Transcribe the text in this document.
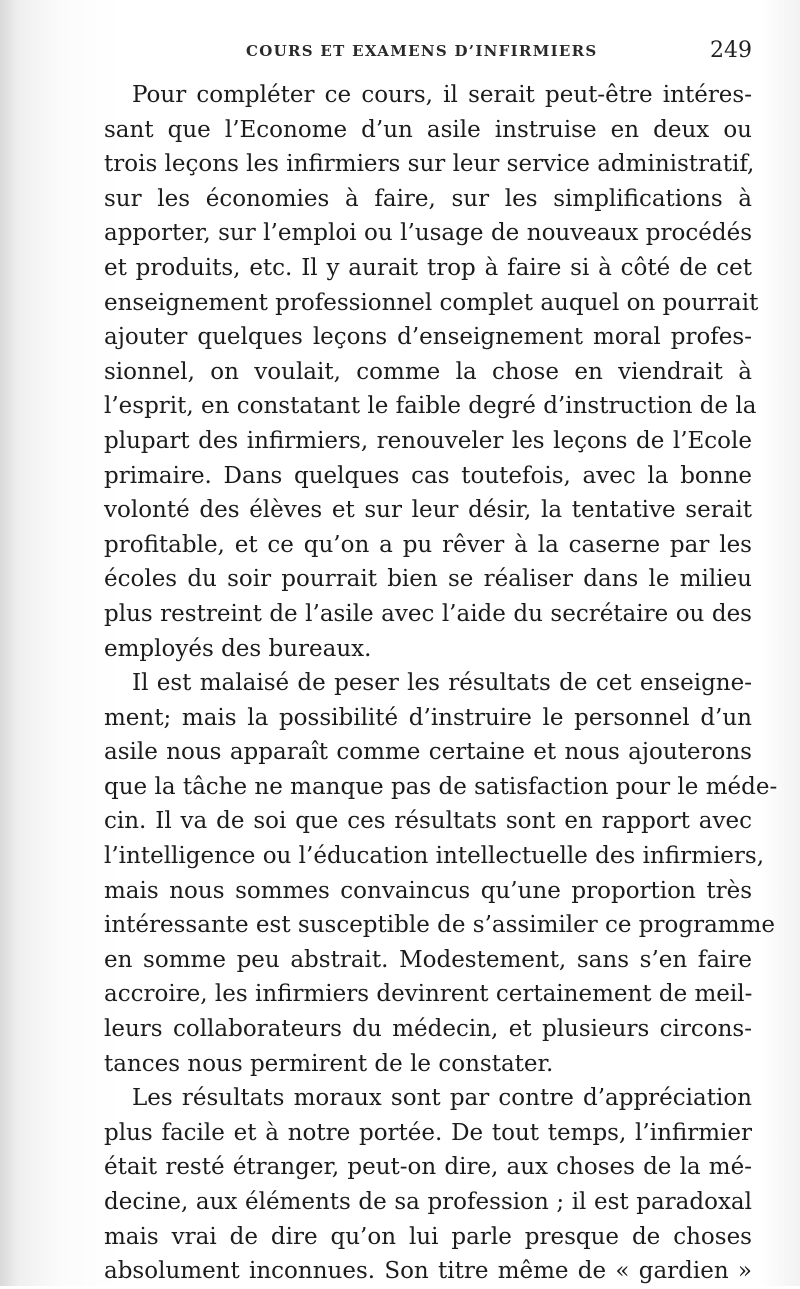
COURS ET EXAMENS D’INFIRMIERS	249
Pour compléter ce cours, il serait peut-être intéres-
sant que l’Econome d’un asile instruise en deux ou
trois leçons les infirmiers sur leur service administratif,
sur les économies à faire, sur les simplifications à
apporter, sur l’emploi ou l’usage de nouveaux procédés
et produits, etc. Il y aurait trop à faire si à côté de cet
enseignement professionnel complet auquel on pourrait
ajouter quelques leçons d’enseignement moral profes-
sionnel, on voulait, comme la chose en viendrait à
l’esprit, en constatant le faible degré d’instruction de la
plupart des infirmiers, renouveler les leçons de l’Ecole
primaire. Dans quelques cas toutefois, avec la bonne
volonté des élèves et sur leur désir, la tentative serait
profitable, et ce qu’on a pu rêver à la caserne par les
écoles du soir pourrait bien se réaliser dans le milieu
plus restreint de l’asile avec l’aide du secrétaire ou des
employés des bureaux.
Il est malaisé de peser les résultats de cet enseigne-
ment; mais la possibilité d’instruire le personnel d’un
asile nous apparaît comme certaine et nous ajouterons
que la tâche ne manque pas de satisfaction pour le méde-
cin. Il va de soi que ces résultats sont en rapport avec
l’intelligence ou l’éducation intellectuelle des infirmiers,
mais nous sommes convaincus qu’une proportion très
intéressante est susceptible de s’assimiler ce programme
en somme peu abstrait. Modestement, sans s’en faire
accroire, les infirmiers devinrent certainement de meil-
leurs collaborateurs du médecin, et plusieurs circons-
tances nous permirent de le constater.
Les résultats moraux sont par contre d’appréciation
plus facile et à notre portée. De tout temps, l’infirmier
était resté étranger, peut-on dire, aux choses de la mé-
decine, aux éléments de sa profession ; il est paradoxal
mais vrai de dire qu’on lui parle presque de choses
absolument inconnues. Son titre même de « gardien »
